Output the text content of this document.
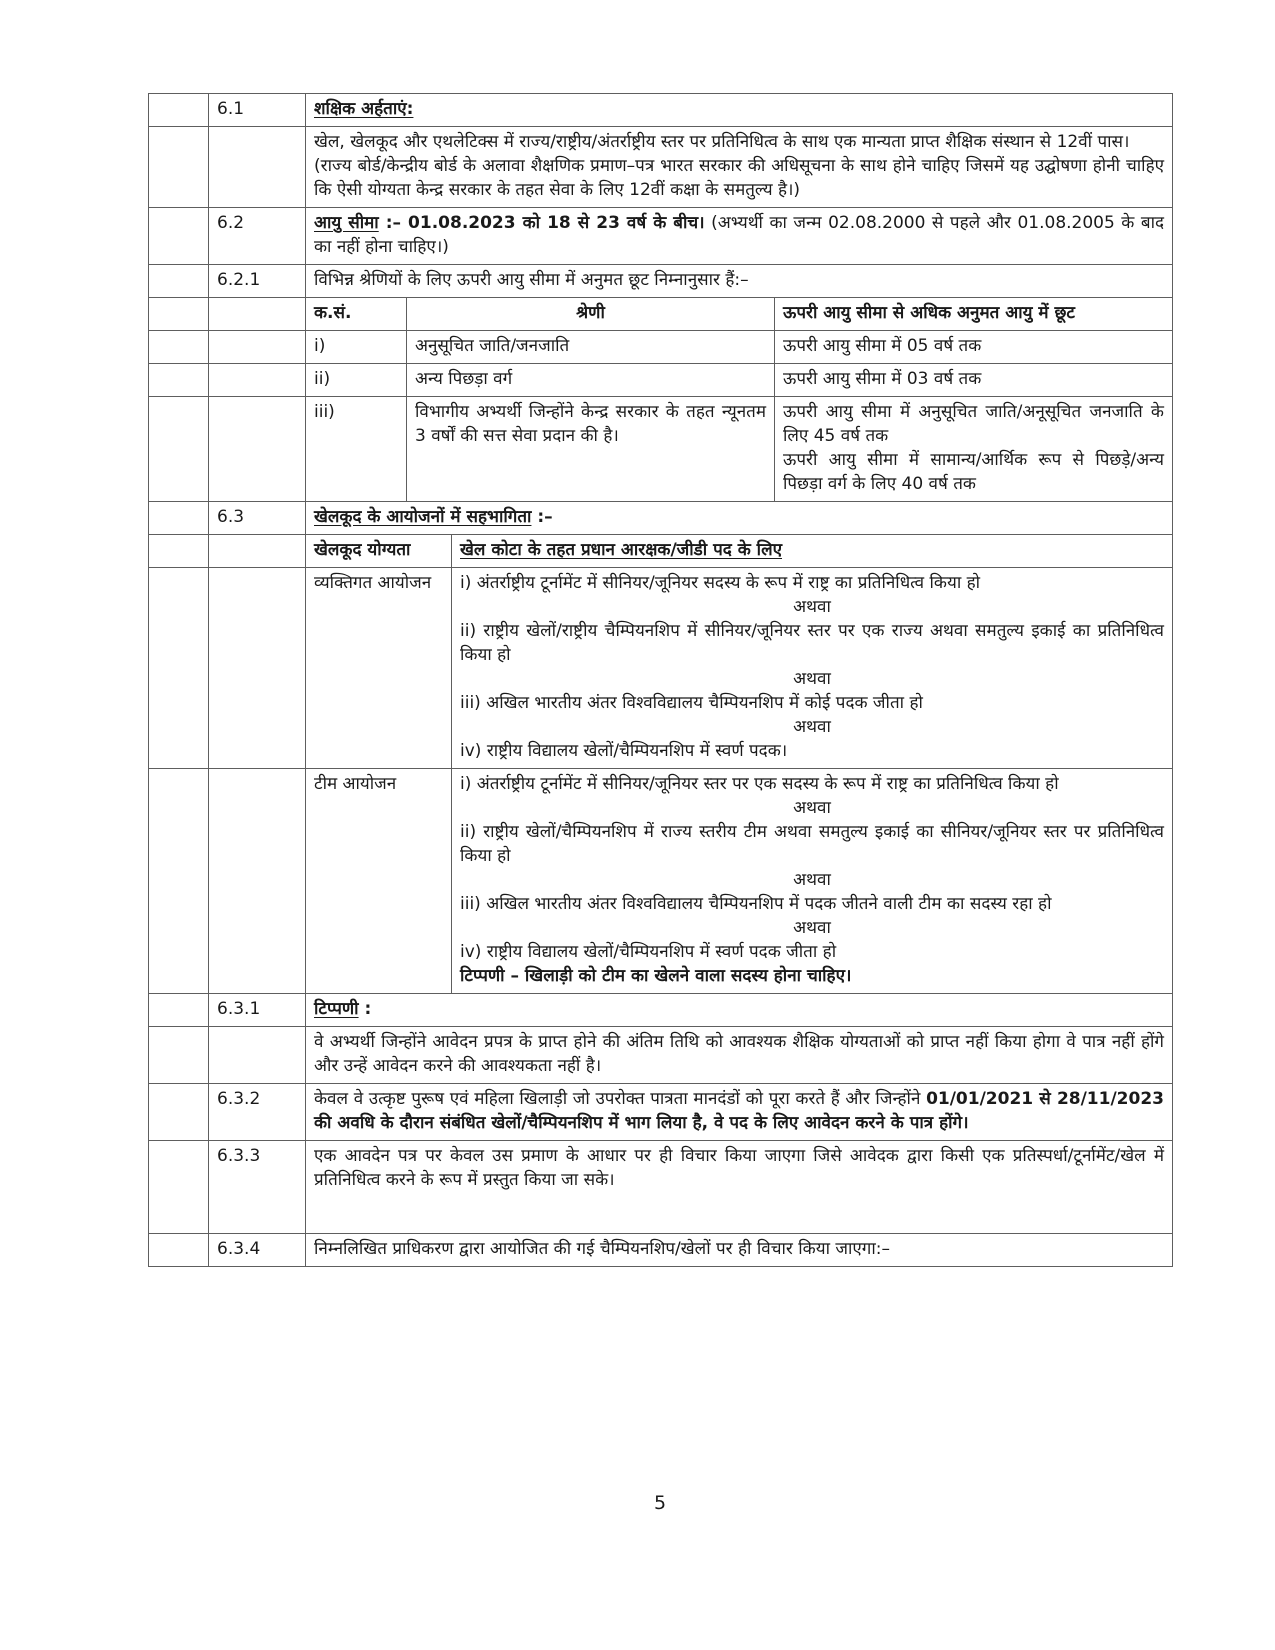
	6.1	शक्षिक अर्हताएं:			

		खेल, खेलकूद और एथलेटिक्स में राज्य/राष्ट्रीय/अंतर्राष्ट्रीय स्तर पर प्रतिनिधित्व के साथ एक मान्यता प्राप्त शैक्षिक संस्थान से 12वीं पास।

(राज्य बोर्ड/केन्द्रीय बोर्ड के अलावा शैक्षणिक प्रमाण–पत्र भारत सरकार की अधिसूचना के साथ होने चाहिए जिसमें यह उद्घोषणा होनी चाहिए कि ऐसी योग्यता केन्द्र सरकार के तहत सेवा के लिए 12वीं कक्षा के समतुल्य है।)			

	6.2	आयु सीमा :– 01.08.2023 को 18 से 23 वर्ष के बीच। (अभ्यर्थी का जन्म 02.08.2000 से पहले और 01.08.2005 के बाद का नहीं होना चाहिए।)			
	6.2.1	विभिन्न श्रेणियों के लिए ऊपरी आयु सीमा में अनुमत छूट निम्नानुसार हैं:–			
		क.सं.	श्रेणी		ऊपरी आयु सीमा से अधिक अनुमत आयु में छूट
		i)	अनुसूचित जाति/जनजाति		ऊपरी आयु सीमा में 05 वर्ष तक
		ii)	अन्य पिछड़ा वर्ग		ऊपरी आयु सीमा में 03 वर्ष तक
		iii)	विभागीय अभ्यर्थी जिन्होंने केन्द्र सरकार के तहत न्यूनतम 3 वर्षों की सत्त सेवा प्रदान की है।		ऊपरी आयु सीमा में अनुसूचित जाति/अनूसूचित जनजाति के लिए 45 वर्ष तक

ऊपरी आयु सीमा में सामान्य/आर्थिक रूप से पिछड़े/अन्य पिछड़ा वर्ग के लिए 40 वर्ष तक

	6.3	खेलकूद के आयोजनों में सहभागिता :–			
		खेलकूद योग्यता		खेल कोटा के तहत प्रधान आरक्षक/जीडी पद के लिए	
		व्यक्तिगत आयोजन	i) अंतर्राष्ट्रीय टूर्नामेंट में सीनियर/जूनियर सदस्य के रूप में राष्ट्र का प्रतिनिधित्व किया हो

अथवा

ii) राष्ट्रीय खेलों/राष्ट्रीय चैम्पियनशिप में सीनियर/जूनियर स्तर पर एक राज्य अथवा समतुल्य इकाई का प्रतिनिधित्व किया हो

अथवा

iii) अखिल भारतीय अंतर विश्वविद्यालय चैम्पियनशिप में कोई पदक जीता हो

अथवा

iv) राष्ट्रीय विद्यालय खेलों/चैम्पियनशिप में स्वर्ण पदक।

		टीम आयोजन	i) अंतर्राष्ट्रीय टूर्नामेंट में सीनियर/जूनियर स्तर पर एक सदस्य के रूप में राष्ट्र का प्रतिनिधित्व किया हो

अथवा

ii) राष्ट्रीय खेलों/चैम्पियनशिप में राज्य स्तरीय टीम अथवा समतुल्य इकाई का सीनियर/जूनियर स्तर पर प्रतिनिधित्व किया हो

अथवा

iii) अखिल भारतीय अंतर विश्वविद्यालय चैम्पियनशिप में पदक जीतने वाली टीम का सदस्य रहा हो

अथवा

iv) राष्ट्रीय विद्यालय खेलों/चैम्पियनशिप में स्वर्ण पदक जीता हो

टिप्पणी – खिलाड़ी को टीम का खेलने वाला सदस्य होना चाहिए।

	6.3.1	टिप्पणी :			
		वे अभ्यर्थी जिन्होंने आवेदन प्रपत्र के प्राप्त होने की अंतिम तिथि को आवश्यक शैक्षिक योग्यताओं को प्राप्त नहीं किया होगा वे पात्र नहीं होंगे और उन्हें आवेदन करने की आवश्यकता नहीं है।			
	6.3.2	केवल वे उत्कृष्ट पुरूष एवं महिला खिलाड़ी जो उपरोक्त पात्रता मानदंडों को पूरा करते हैं और जिन्होंने 01/01/2021 से 28/11/2023 की अवधि के दौरान संबंधित खेलों/चैम्पियनशिप में भाग लिया है, वे पद के लिए आवेदन करने के पात्र होंगे।			
	6.3.3	एक आवदेन पत्र पर केवल उस प्रमाण के आधार पर ही विचार किया जाएगा जिसे आवेदक द्वारा किसी एक प्रतिस्पर्धा/टूर्नामेंट/खेल में प्रतिनिधित्व करने के रूप में प्रस्तुत किया जा सके।			

	6.3.4	निम्नलिखित प्राधिकरण द्वारा आयोजित की गई चैम्पियनशिप/खेलों पर ही विचार किया जाएगा:–			
5
